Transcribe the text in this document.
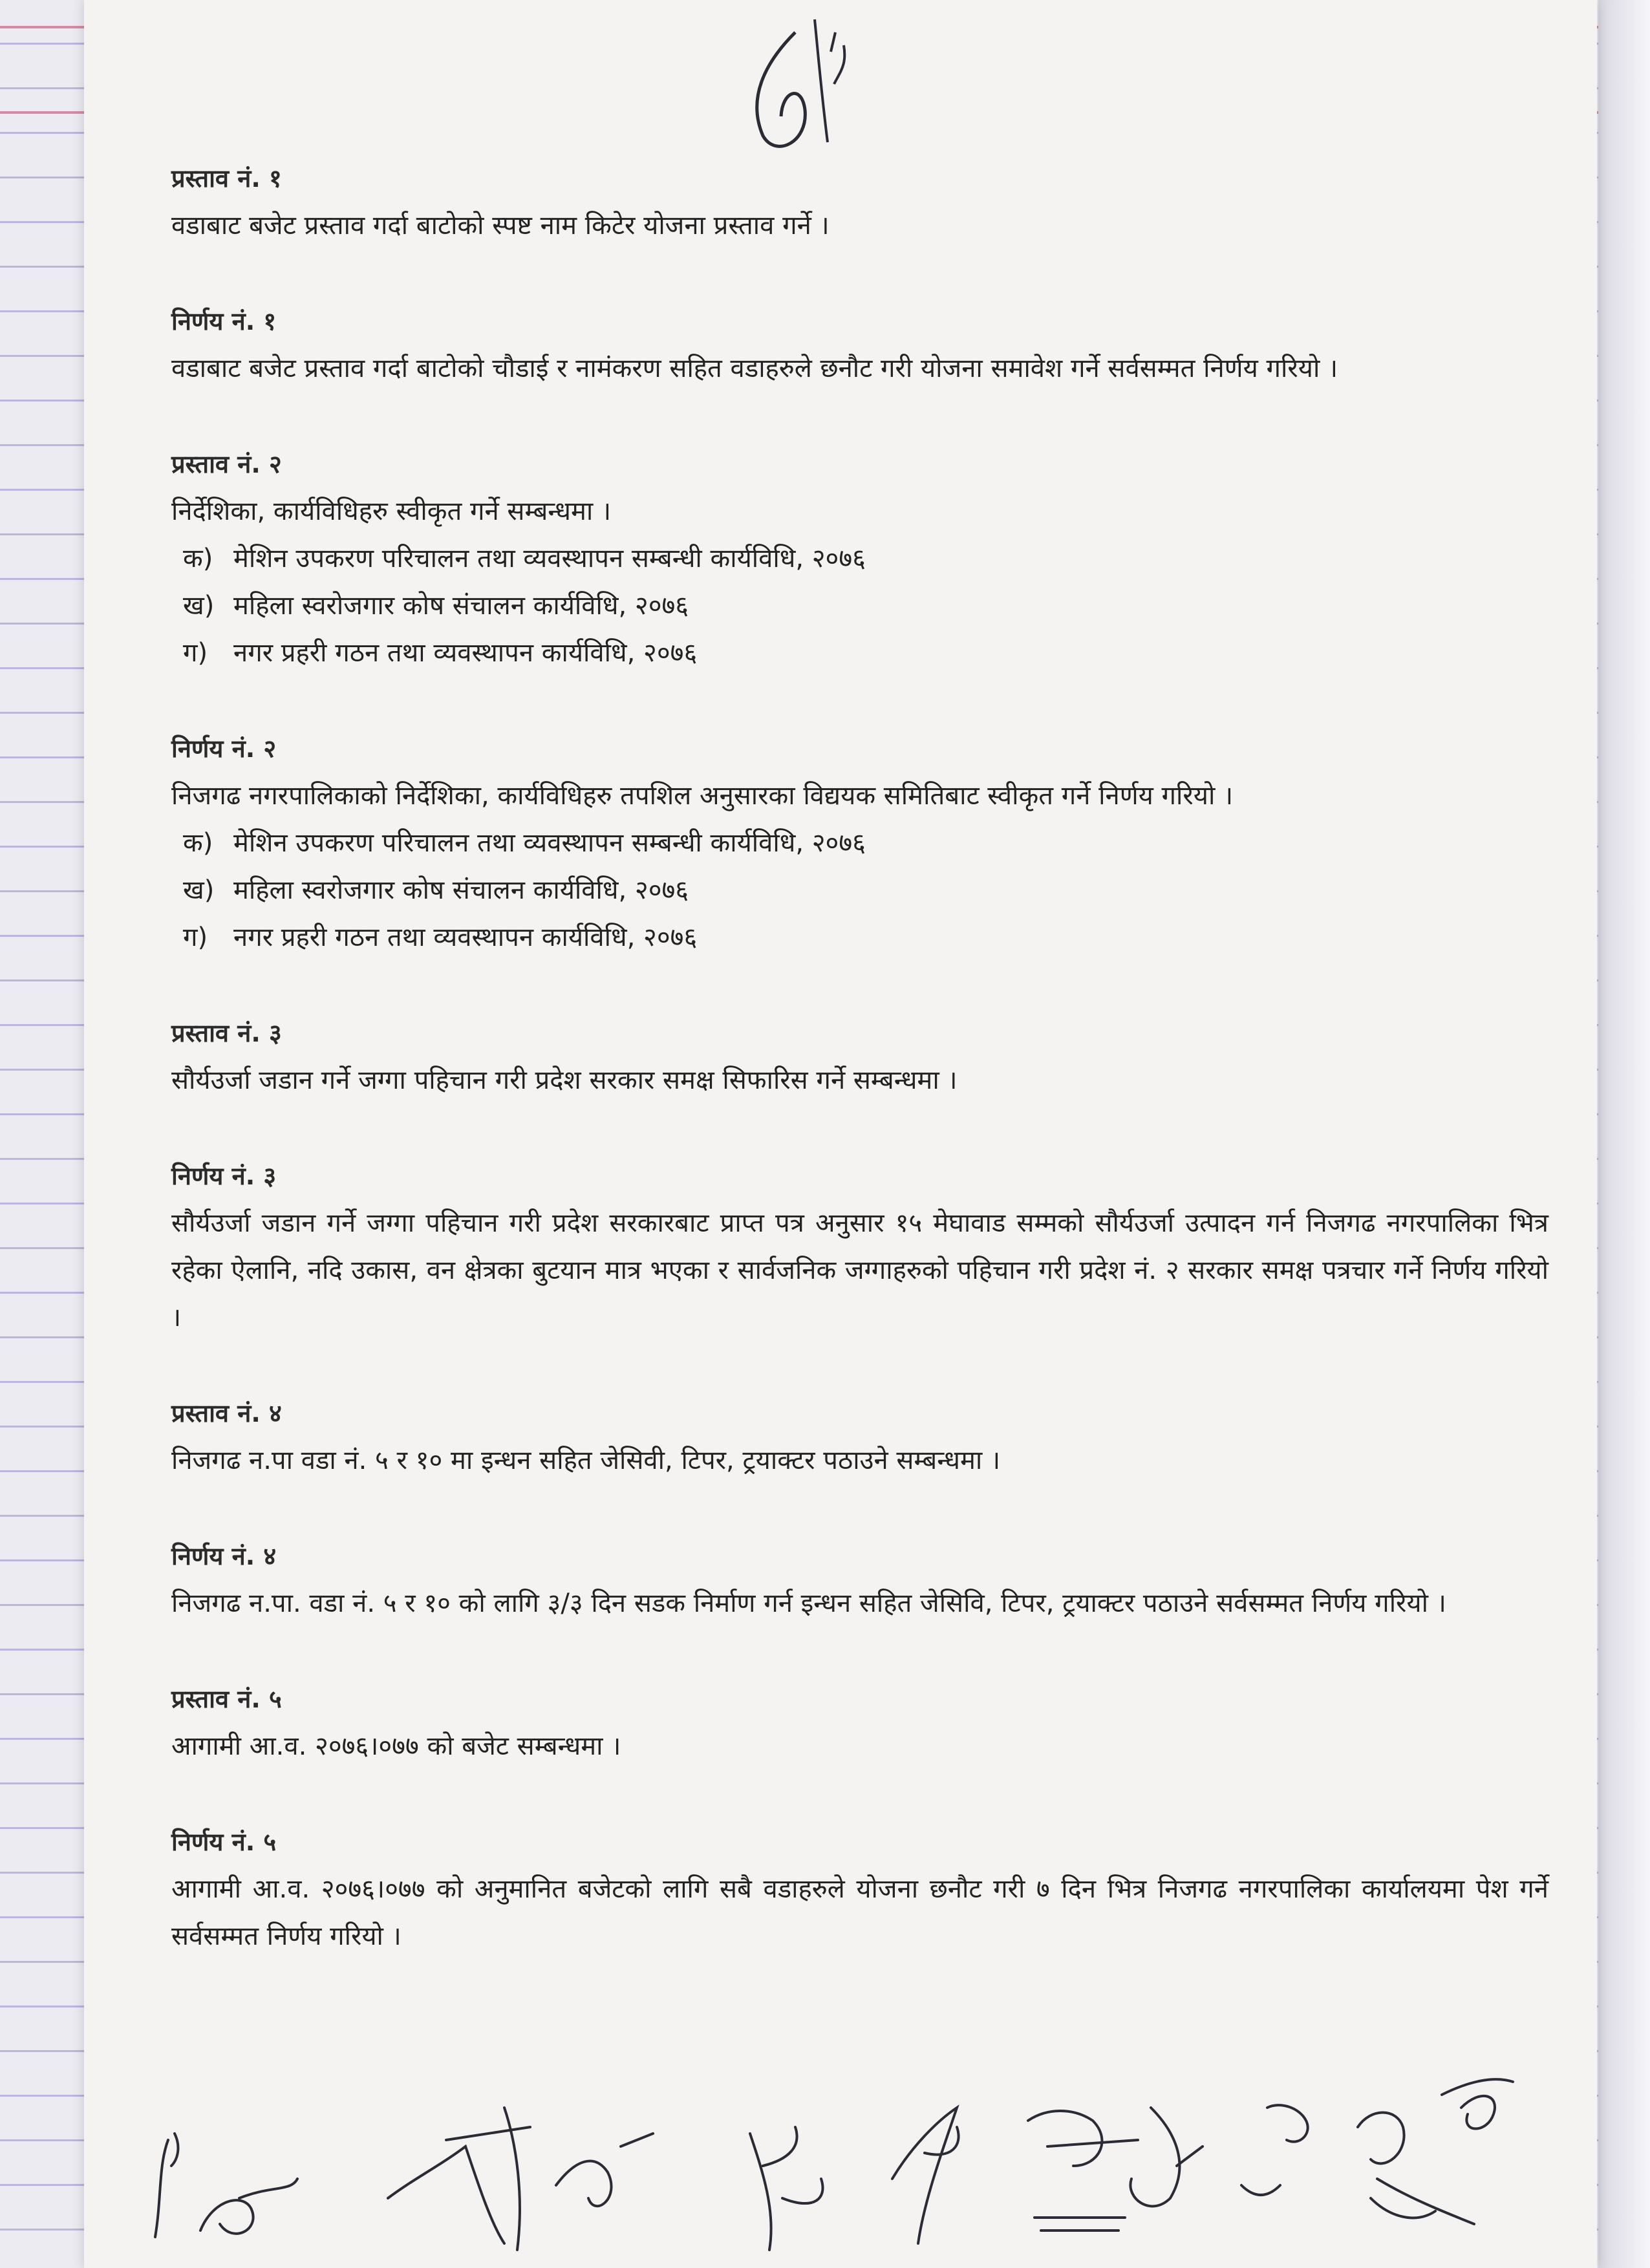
प्रस्ताव नं. १
वडाबाट बजेट प्रस्ताव गर्दा बाटोको स्पष्ट नाम किटेर योजना प्रस्ताव गर्ने ।
निर्णय नं. १
वडाबाट बजेट प्रस्ताव गर्दा बाटोको चौडाई र नामंकरण सहित वडाहरुले छनौट गरी योजना समावेश गर्ने सर्वसम्मत निर्णय गरियो ।
प्रस्ताव नं. २
निर्देशिका, कार्यविधिहरु स्वीकृत गर्ने सम्बन्धमा ।
क) मेशिन उपकरण परिचालन तथा व्यवस्थापन सम्बन्धी कार्यविधि, २०७६
ख) महिला स्वरोजगार कोष संचालन कार्यविधि, २०७६
ग) नगर प्रहरी गठन तथा व्यवस्थापन कार्यविधि, २०७६
निर्णय नं. २
निजगढ नगरपालिकाको निर्देशिका, कार्यविधिहरु तपशिल अनुसारका विद्ययक समितिबाट स्वीकृत गर्ने निर्णय गरियो ।
क) मेशिन उपकरण परिचालन तथा व्यवस्थापन सम्बन्धी कार्यविधि, २०७६
ख) महिला स्वरोजगार कोष संचालन कार्यविधि, २०७६
ग) नगर प्रहरी गठन तथा व्यवस्थापन कार्यविधि, २०७६
प्रस्ताव नं. ३
सौर्यउर्जा जडान गर्ने जग्गा पहिचान गरी प्रदेश सरकार समक्ष सिफारिस गर्ने सम्बन्धमा ।
निर्णय नं. ३
सौर्यउर्जा जडान गर्ने जग्गा पहिचान गरी प्रदेश सरकारबाट प्राप्त पत्र अनुसार १५ मेघावाड सम्मको सौर्यउर्जा उत्पादन गर्न निजगढ नगरपालिका भित्र रहेका ऐलानि, नदि उकास, वन क्षेत्रका बुटयान मात्र भएका र सार्वजनिक जग्गाहरुको पहिचान गरी प्रदेश नं. २ सरकार समक्ष पत्रचार गर्ने निर्णय गरियो ।
प्रस्ताव नं. ४
निजगढ न.पा वडा नं. ५ र १० मा इन्धन सहित जेसिवी, टिपर, ट्रयाक्टर पठाउने सम्बन्धमा ।
निर्णय नं. ४
निजगढ न.पा. वडा नं. ५ र १० को लागि ३/३ दिन सडक निर्माण गर्न इन्धन सहित जेसिवि, टिपर, ट्रयाक्टर पठाउने सर्वसम्मत निर्णय गरियो ।
प्रस्ताव नं. ५
आगामी आ.व. २०७६।०७७ को बजेट सम्बन्धमा ।
निर्णय नं. ५
आगामी आ.व. २०७६।०७७ को अनुमानित बजेटको लागि सबै वडाहरुले योजना छनौट गरी ७ दिन भित्र निजगढ नगरपालिका कार्यालयमा पेश गर्ने सर्वसम्मत निर्णय गरियो ।
